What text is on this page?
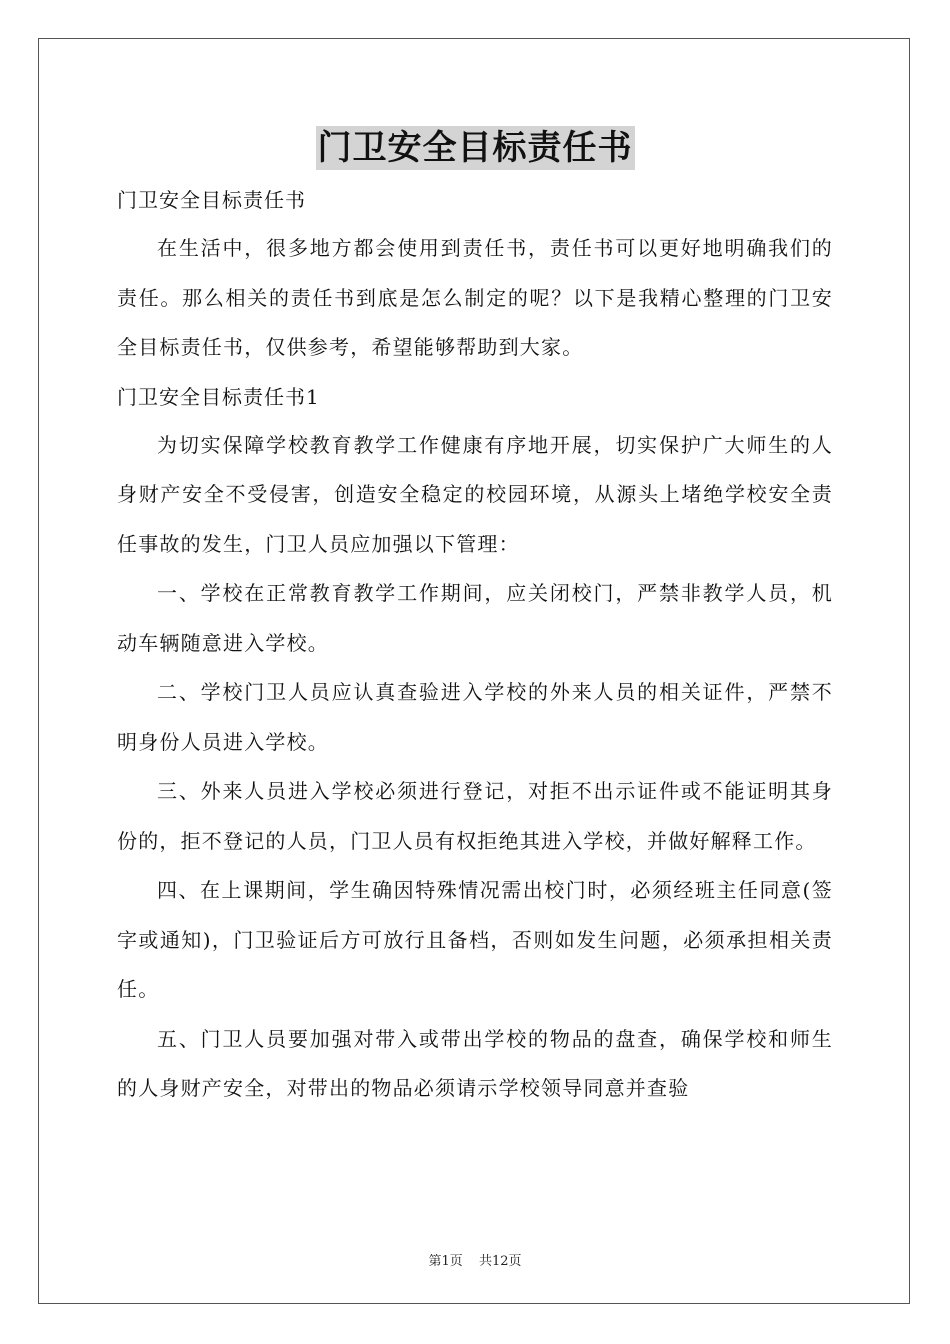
门卫安全目标责任书

门卫安全目标责任书

在生活中，很多地方都会使用到责任书，责任书可以更好地明确我们的责任。那么相关的责任书到底是怎么制定的呢？以下是我精心整理的门卫安全目标责任书，仅供参考，希望能够帮助到大家。

门卫安全目标责任书1

为切实保障学校教育教学工作健康有序地开展，切实保护广大师生的人身财产安全不受侵害，创造安全稳定的校园环境，从源头上堵绝学校安全责任事故的发生，门卫人员应加强以下管理：

一、学校在正常教育教学工作期间，应关闭校门，严禁非教学人员，机动车辆随意进入学校。

二、学校门卫人员应认真查验进入学校的外来人员的相关证件，严禁不明身份人员进入学校。

三、外来人员进入学校必须进行登记，对拒不出示证件或不能证明其身份的，拒不登记的人员，门卫人员有权拒绝其进入学校，并做好解释工作。

四、在上课期间，学生确因特殊情况需出校门时，必须经班主任同意(签字或通知)，门卫验证后方可放行且备档，否则如发生问题，必须承担相关责任。

五、门卫人员要加强对带入或带出学校的物品的盘查，确保学校和师生的人身财产安全，对带出的物品必须请示学校领导同意并查验

第1页 共12页
